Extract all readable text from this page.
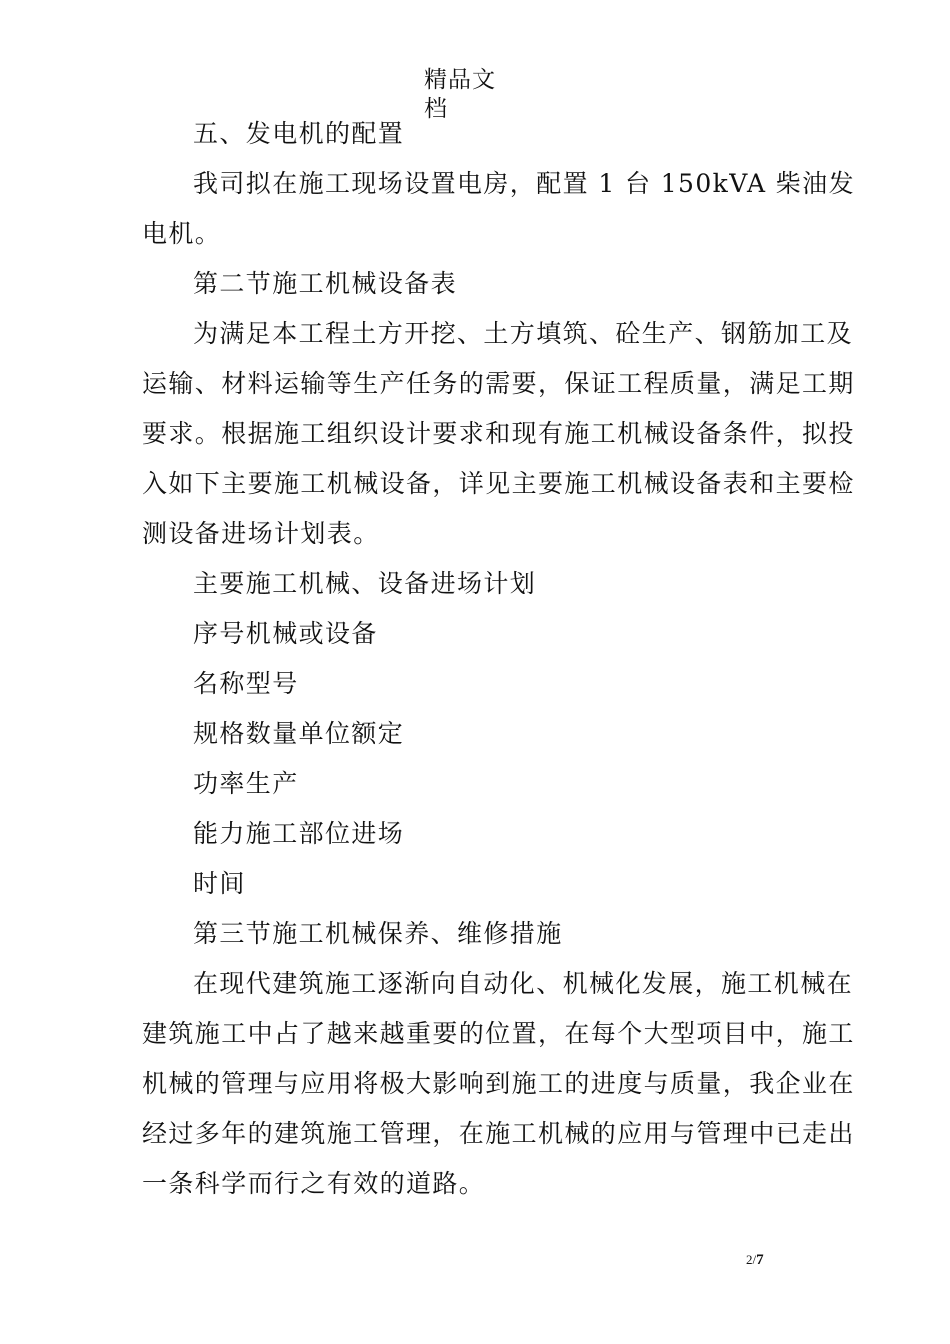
精品文
档
五、发电机的配置
我司拟在施工现场设置电房，配置 1 台 150kVA 柴油发
电机。
第二节施工机械设备表
为满足本工程土方开挖、土方填筑、砼生产、钢筋加工及
运输、材料运输等生产任务的需要，保证工程质量，满足工期
要求。根据施工组织设计要求和现有施工机械设备条件，拟投
入如下主要施工机械设备，详见主要施工机械设备表和主要检
测设备进场计划表。
主要施工机械、设备进场计划
序号机械或设备
名称型号
规格数量单位额定
功率生产
能力施工部位进场
时间
第三节施工机械保养、维修措施
在现代建筑施工逐渐向自动化、机械化发展，施工机械在
建筑施工中占了越来越重要的位置，在每个大型项目中，施工
机械的管理与应用将极大影响到施工的进度与质量，我企业在
经过多年的建筑施工管理，在施工机械的应用与管理中已走出
一条科学而行之有效的道路。
2/7
